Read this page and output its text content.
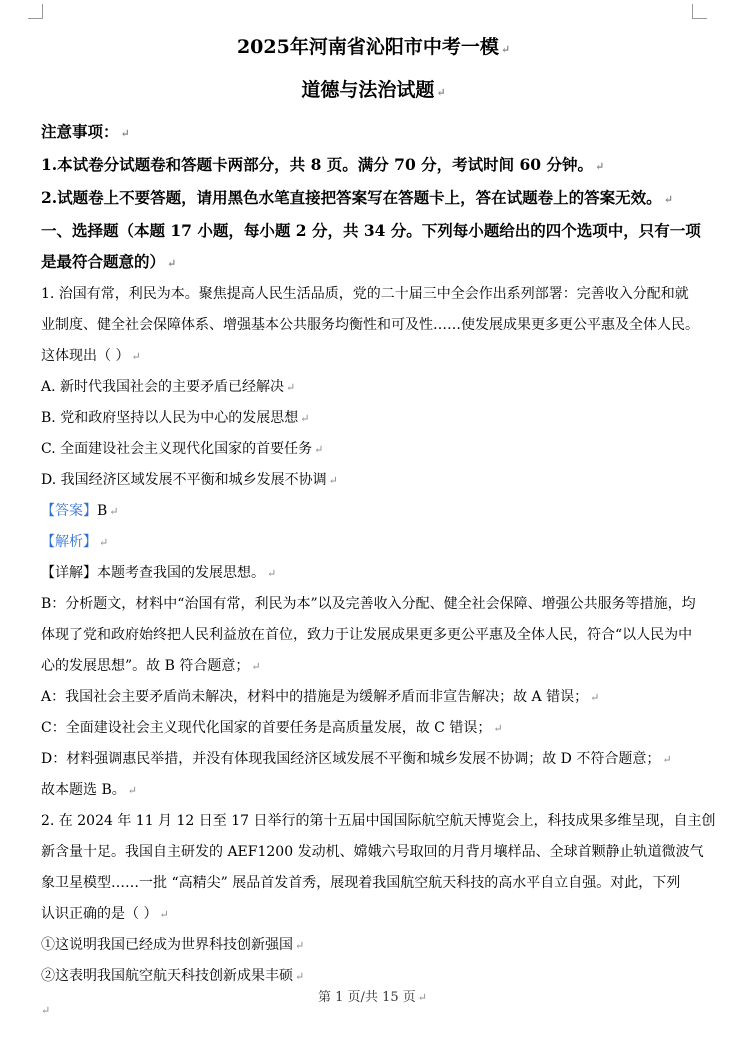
2025年河南省沁阳市中考一模 ↵
道德与法治试题 ↵
注意事项： ↵
1.本试卷分试题卷和答题卡两部分，共 8 页。满分 70 分，考试时间 60 分钟。 ↵
2.试题卷上不要答题，请用黑色水笔直接把答案写在答题卡上，答在试题卷上的答案无效。 ↵
一、选择题（本题 17 小题，每小题 2 分，共 34 分。下列每小题给出的四个选项中，只有一项
是最符合题意的） ↵
1. 治国有常，利民为本。聚焦提高人民生活品质，党的二十届三中全会作出系列部署：完善收入分配和就
业制度、健全社会保障体系、增强基本公共服务均衡性和可及性……使发展成果更多更公平惠及全体人民。
这体现出（ ） ↵
A. 新时代我国社会的主要矛盾已经解决 ↵
B. 党和政府坚持以人民为中心的发展思想 ↵
C. 全面建设社会主义现代化国家的首要任务 ↵
D. 我国经济区域发展不平衡和城乡发展不协调 ↵
【答案】B ↵
【解析】 ↵
【详解】本题考查我国的发展思想。 ↵
B：分析题文，材料中“治国有常，利民为本”以及完善收入分配、健全社会保障、增强公共服务等措施，均
体现了党和政府始终把人民利益放在首位，致力于让发展成果更多更公平惠及全体人民，符合“以人民为中
心的发展思想”。故 B 符合题意； ↵
A：我国社会主要矛盾尚未解决，材料中的措施是为缓解矛盾而非宣告解决；故 A 错误； ↵
C：全面建设社会主义现代化国家的首要任务是高质量发展，故 C 错误； ↵
D：材料强调惠民举措，并没有体现我国经济区域发展不平衡和城乡发展不协调；故 D 不符合题意； ↵
故本题选 B。 ↵
2. 在 2024 年 11 月 12 日至 17 日举行的第十五届中国国际航空航天博览会上，科技成果多维呈现，自主创
新含量十足。我国自主研发的 AEF1200 发动机、嫦娥六号取回的月背月壤样品、全球首颗静止轨道微波气
象卫星模型……一批 “高精尖” 展品首发首秀，展现着我国航空航天科技的高水平自立自强。对此，下列
认识正确的是（ ） ↵
①这说明我国已经成为世界科技创新强国 ↵
②这表明我国航空航天科技创新成果丰硕 ↵
第 1 页/共 15 页 ↵
↵
